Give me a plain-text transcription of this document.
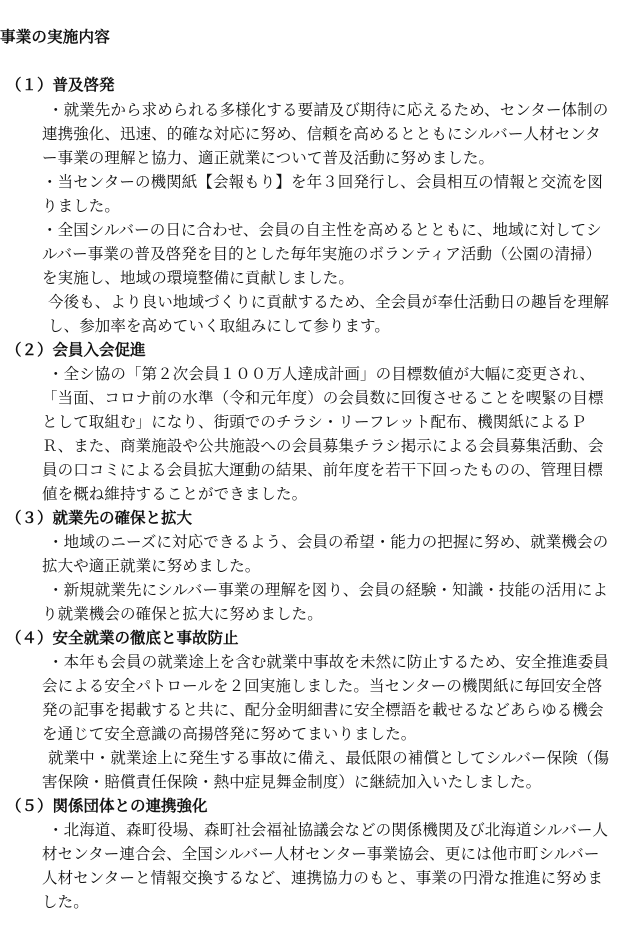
事業の実施内容
（１）普及啓発
・就業先から求められる多様化する要請及び期待に応えるため、センター体制の
連携強化、迅速、的確な対応に努め、信頼を高めるとともにシルバー人材センタ
ー事業の理解と協力、適正就業について普及活動に努めました。
・当センターの機関紙【会報もり】を年３回発行し、会員相互の情報と交流を図
りました。
・全国シルバーの日に合わせ、会員の自主性を高めるとともに、地域に対してシ
ルバー事業の普及啓発を目的とした毎年実施のボランティア活動（公園の清掃）
を実施し、地域の環境整備に貢献しました。
今後も、より良い地域づくりに貢献するため、全会員が奉仕活動日の趣旨を理解
し、参加率を高めていく取組みにして参ります。
（２）会員入会促進
・全シ協の「第２次会員１００万人達成計画」の目標数値が大幅に変更され、
「当面、コロナ前の水準（令和元年度）の会員数に回復させることを喫緊の目標
として取組む」になり、街頭でのチラシ・リーフレット配布、機関紙によるＰ
Ｒ、また、商業施設や公共施設への会員募集チラシ掲示による会員募集活動、会
員の口コミによる会員拡大運動の結果、前年度を若干下回ったものの、管理目標
値を概ね維持することができました。
（３）就業先の確保と拡大
・地域のニーズに対応できるよう、会員の希望・能力の把握に努め、就業機会の
拡大や適正就業に努めました。
・新規就業先にシルバー事業の理解を図り、会員の経験・知識・技能の活用によ
り就業機会の確保と拡大に努めました。
（４）安全就業の徹底と事故防止
・本年も会員の就業途上を含む就業中事故を未然に防止するため、安全推進委員
会による安全パトロールを２回実施しました。当センターの機関紙に毎回安全啓
発の記事を掲載すると共に、配分金明細書に安全標語を載せるなどあらゆる機会
を通じて安全意識の高揚啓発に努めてまいりました。
就業中・就業途上に発生する事故に備え、最低限の補償としてシルバー保険（傷
害保険・賠償責任保険・熱中症見舞金制度）に継続加入いたしました。
（５）関係団体との連携強化
・北海道、森町役場、森町社会福祉協議会などの関係機関及び北海道シルバー人
材センター連合会、全国シルバー人材センター事業協会、更には他市町シルバー
人材センターと情報交換するなど、連携協力のもと、事業の円滑な推進に努めま
した。
